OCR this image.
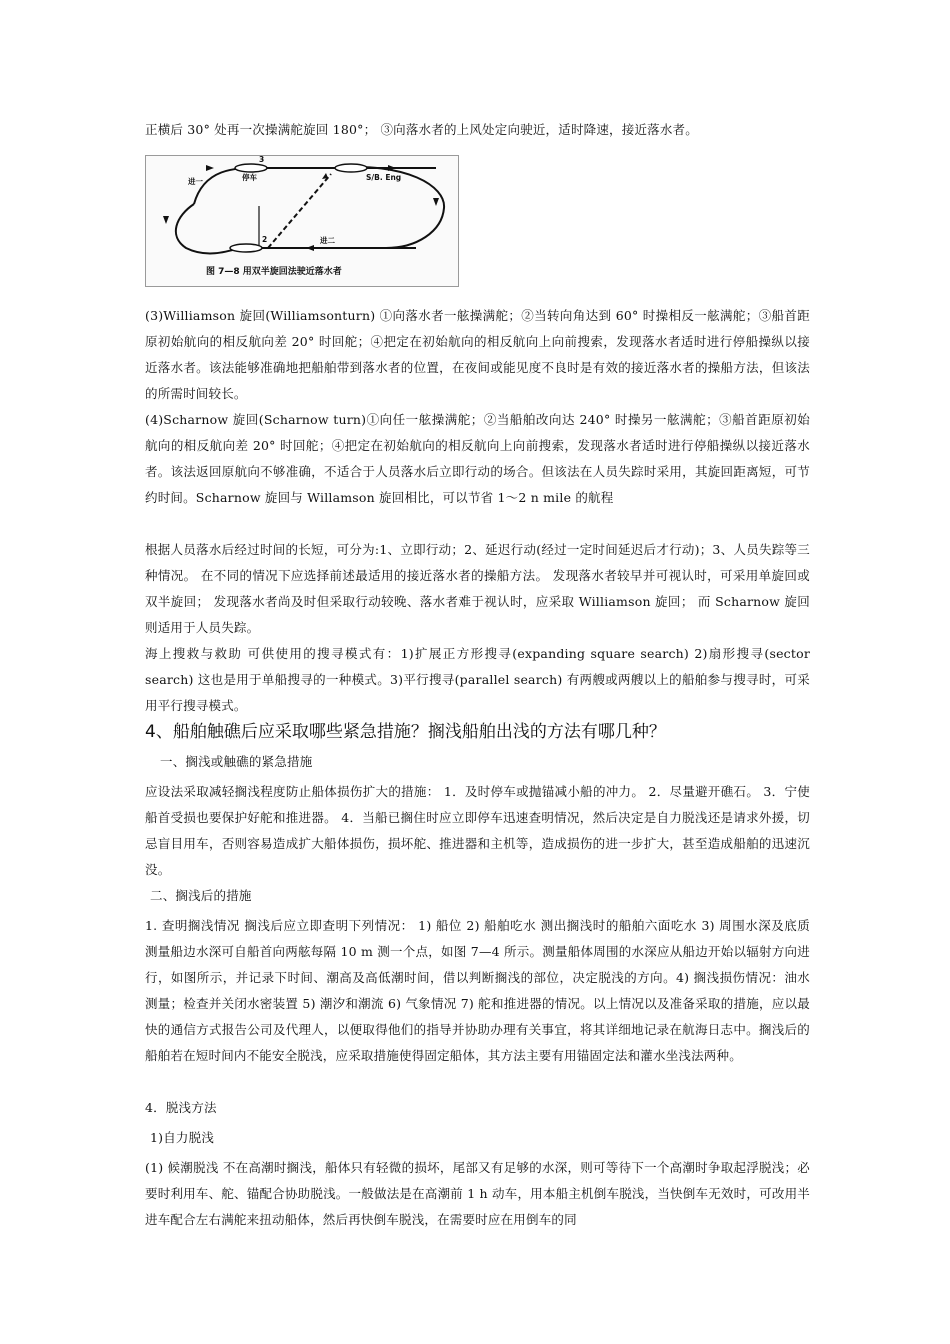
正横后 30° 处再一次操满舵旋回 180°； ③向落水者的上风处定向驶近，适时降速，接近落水者。

进一	停车
3
S/B. Eng
进二
2
图 7—8 用双半旋回法驶近落水者

(3)Williamson 旋回(Williamsonturn) ①向落水者一舷操满舵；②当转向角达到 60° 时操相反一舷满舵；③船首距原初始航向的相反航向差 20° 时回舵；④把定在初始航向的相反航向上向前搜索，发现落水者适时进行停船操纵以接近落水者。该法能够准确地把船舶带到落水者的位置，在夜间或能见度不良时是有效的接近落水者的操船方法，但该法的所需时间较长。

(4)Scharnow 旋回(Scharnow turn)①向任一舷操满舵；②当船舶改向达 240° 时操另一舷满舵；③船首距原初始航向的相反航向差 20° 时回舵；④把定在初始航向的相反航向上向前搜索，发现落水者适时进行停船操纵以接近落水者。该法返回原航向不够准确，不适合于人员落水后立即行动的场合。但该法在人员失踪时采用，其旋回距离短，可节约时间。Scharnow 旋回与 Willamson 旋回相比，可以节省 1～2 n mile 的航程

根据人员落水后经过时间的长短，可分为:1、立即行动；2、延迟行动(经过一定时间延迟后才行动)；3、人员失踪等三种情况。 在不同的情况下应选择前述最适用的接近落水者的操船方法。 发现落水者较早并可视认时，可采用单旋回或双半旋回； 发现落水者尚及时但采取行动较晚、落水者难于视认时，应采取 Williamson 旋回； 而 Scharnow 旋回则适用于人员失踪。

海上搜救与救助 可供使用的搜寻模式有：1)扩展正方形搜寻(expanding square search) 2)扇形搜寻(sector search) 这也是用于单船搜寻的一种模式。3)平行搜寻(parallel search) 有两艘或两艘以上的船舶参与搜寻时，可采用平行搜寻模式。

4、船舶触礁后应采取哪些紧急措施？搁浅船舶出浅的方法有哪几种？

一、搁浅或触礁的紧急措施

应设法采取减轻搁浅程度防止船体损伤扩大的措施： 1．及时停车或抛锚减小船的冲力。 2．尽量避开礁石。 3．宁使船首受损也要保护好舵和推进器。 4．当船已搁住时应立即停车迅速查明情况，然后决定是自力脱浅还是请求外援，切忌盲目用车，否则容易造成扩大船体损伤，损坏舵、推进器和主机等，造成损伤的进一步扩大，甚至造成船舶的迅速沉没。

二、搁浅后的措施

1. 查明搁浅情况 搁浅后应立即查明下列情况： 1) 船位 2) 船舶吃水 测出搁浅时的船舶六面吃水 3) 周围水深及底质 测量船边水深可自船首向两舷每隔 10 m 测一个点，如图 7—4 所示。测量船体周围的水深应从船边开始以辐射方向进行，如图所示，并记录下时间、潮高及高低潮时间，借以判断搁浅的部位，决定脱浅的方向。4) 搁浅损伤情况：油水测量；检查并关闭水密装置 5) 潮汐和潮流 6) 气象情况 7) 舵和推进器的情况。以上情况以及准备采取的措施，应以最快的通信方式报告公司及代理人，以便取得他们的指导并协助办理有关事宜，将其详细地记录在航海日志中。搁浅后的船舶若在短时间内不能安全脱浅，应采取措施使得固定船体，其方法主要有用锚固定法和灌水坐浅法两种。

4．脱浅方法

1)自力脱浅

(1) 候潮脱浅 不在高潮时搁浅，船体只有轻微的损坏，尾部又有足够的水深，则可等待下一个高潮时争取起浮脱浅；必要时利用车、舵、锚配合协助脱浅。一般做法是在高潮前 1 h 动车，用本船主机倒车脱浅，当快倒车无效时，可改用半进车配合左右满舵来扭动船体，然后再快倒车脱浅，在需要时应在用倒车的同
